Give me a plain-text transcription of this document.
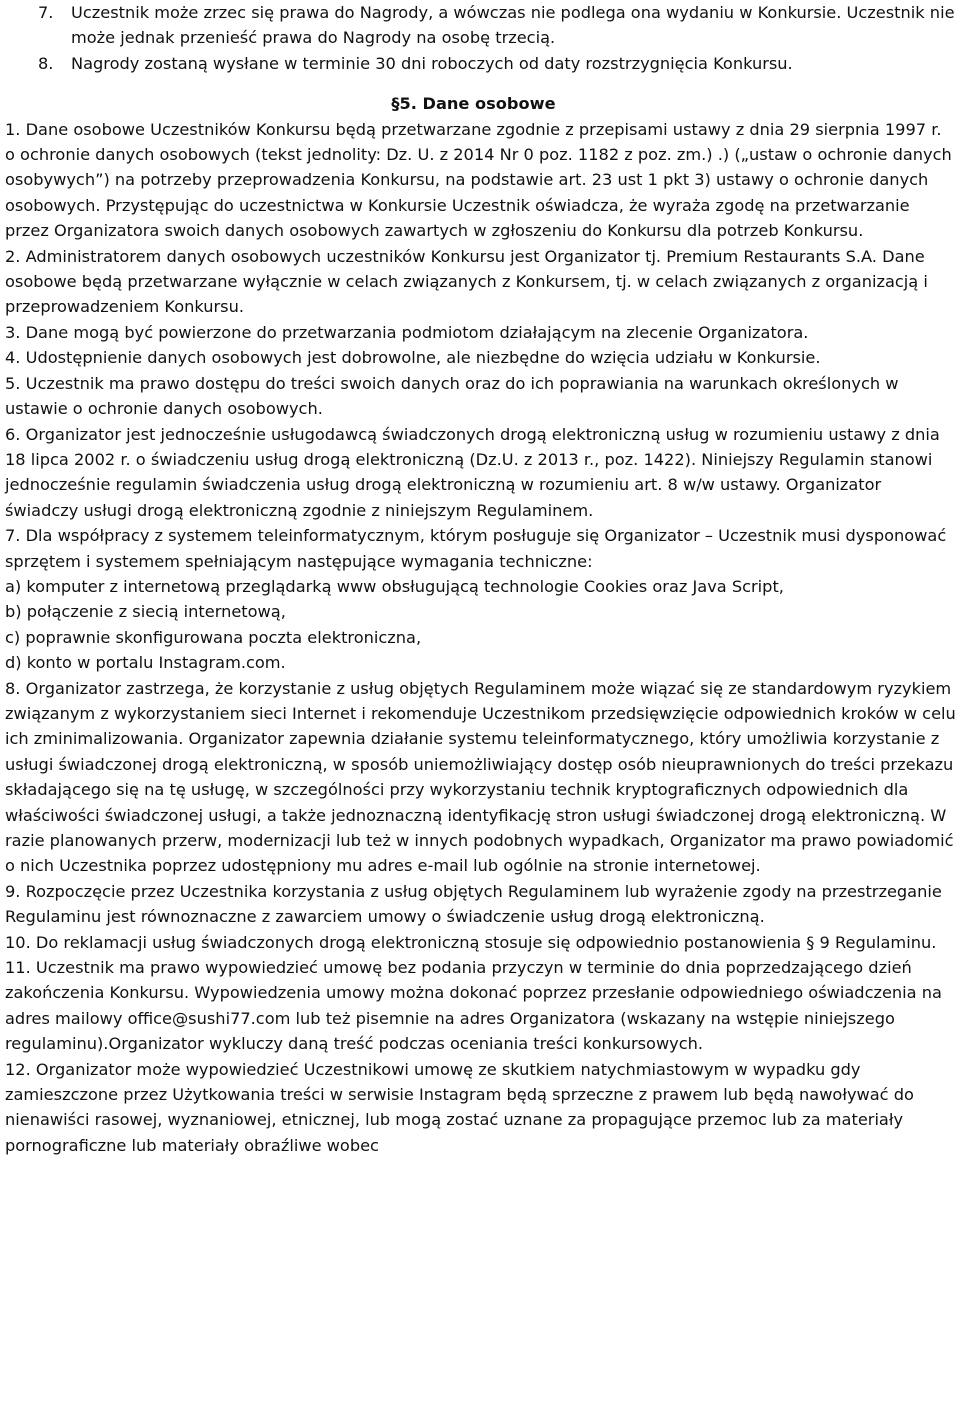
7.	Uczestnik może zrzec się prawa do Nagrody, a wówczas nie podlega ona wydaniu w Konkursie. Uczestnik nie może jednak przenieść prawa do Nagrody na osobę trzecią.
8.	Nagrody zostaną wysłane w terminie 30 dni roboczych od daty rozstrzygnięcia Konkursu.
§5. Dane osobowe

1. Dane osobowe Uczestników Konkursu będą przetwarzane zgodnie z przepisami ustawy z dnia 29 sierpnia 1997 r. o ochronie danych osobowych (tekst jednolity: Dz. U. z 2014 Nr 0 poz. 1182 z poz. zm.) .) („ustaw o ochronie danych osobywych”) na potrzeby przeprowadzenia Konkursu, na podstawie art. 23 ust 1 pkt 3) ustawy o ochronie danych osobowych. Przystępując do uczestnictwa w Konkursie Uczestnik oświadcza, że wyraża zgodę na przetwarzanie przez Organizatora swoich danych osobowych zawartych w zgłoszeniu do Konkursu dla potrzeb Konkursu.

2. Administratorem danych osobowych uczestników Konkursu jest Organizator tj. Premium Restaurants S.A. Dane osobowe będą przetwarzane wyłącznie w celach związanych z Konkursem, tj. w celach związanych z organizacją i przeprowadzeniem Konkursu.

3. Dane mogą być powierzone do przetwarzania podmiotom działającym na zlecenie Organizatora.

4. Udostępnienie danych osobowych jest dobrowolne, ale niezbędne do wzięcia udziału w Konkursie.

5. Uczestnik ma prawo dostępu do treści swoich danych oraz do ich poprawiania na warunkach określonych w ustawie o ochronie danych osobowych.

6. Organizator jest jednocześnie usługodawcą świadczonych drogą elektroniczną usług w rozumieniu ustawy z dnia 18 lipca 2002 r. o świadczeniu usług drogą elektroniczną (Dz.U. z 2013 r., poz. 1422). Niniejszy Regulamin stanowi jednocześnie regulamin świadczenia usług drogą elektroniczną w rozumieniu art. 8 w/w ustawy. Organizator świadczy usługi drogą elektroniczną zgodnie z niniejszym Regulaminem.

7. Dla współpracy z systemem teleinformatycznym, którym posługuje się Organizator – Uczestnik musi dysponować sprzętem i systemem spełniającym następujące wymagania techniczne:

a) komputer z internetową przeglądarką www obsługującą technologie Cookies oraz Java Script,

b) połączenie z siecią internetową,

c) poprawnie skonfigurowana poczta elektroniczna,

d) konto w portalu Instagram.com.

8. Organizator zastrzega, że korzystanie z usług objętych Regulaminem może wiązać się ze standardowym ryzykiem związanym z wykorzystaniem sieci Internet i rekomenduje Uczestnikom przedsięwzięcie odpowiednich kroków w celu ich zminimalizowania. Organizator zapewnia działanie systemu teleinformatycznego, który umożliwia korzystanie z usługi świadczonej drogą elektroniczną, w sposób uniemożliwiający dostęp osób nieuprawnionych do treści przekazu składającego się na tę usługę, w szczególności przy wykorzystaniu technik kryptograficznych odpowiednich dla właściwości świadczonej usługi, a także jednoznaczną identyfikację stron usługi świadczonej drogą elektroniczną. W razie planowanych przerw, modernizacji lub też w innych podobnych wypadkach, Organizator ma prawo powiadomić o nich Uczestnika poprzez udostępniony mu adres e-mail lub ogólnie na stronie internetowej.

9. Rozpoczęcie przez Uczestnika korzystania z usług objętych Regulaminem lub wyrażenie zgody na przestrzeganie Regulaminu jest równoznaczne z zawarciem umowy o świadczenie usług drogą elektroniczną.

10. Do reklamacji usług świadczonych drogą elektroniczną stosuje się odpowiednio postanowienia § 9 Regulaminu.

11. Uczestnik ma prawo wypowiedzieć umowę bez podania przyczyn w terminie do dnia poprzedzającego dzień zakończenia Konkursu. Wypowiedzenia umowy można dokonać poprzez przesłanie odpowiedniego oświadczenia na adres mailowy office@sushi77.com lub też pisemnie na adres Organizatora (wskazany na wstępie niniejszego regulaminu).Organizator wykluczy daną treść podczas oceniania treści konkursowych.

12. Organizator może wypowiedzieć Uczestnikowi umowę ze skutkiem natychmiastowym w wypadku gdy zamieszczone przez Użytkowania treści w serwisie Instagram będą sprzeczne z prawem lub będą nawoływać do nienawiści rasowej, wyznaniowej, etnicznej, lub mogą zostać uznane za propagujące przemoc lub za materiały pornograficzne lub materiały obraźliwe wobec
